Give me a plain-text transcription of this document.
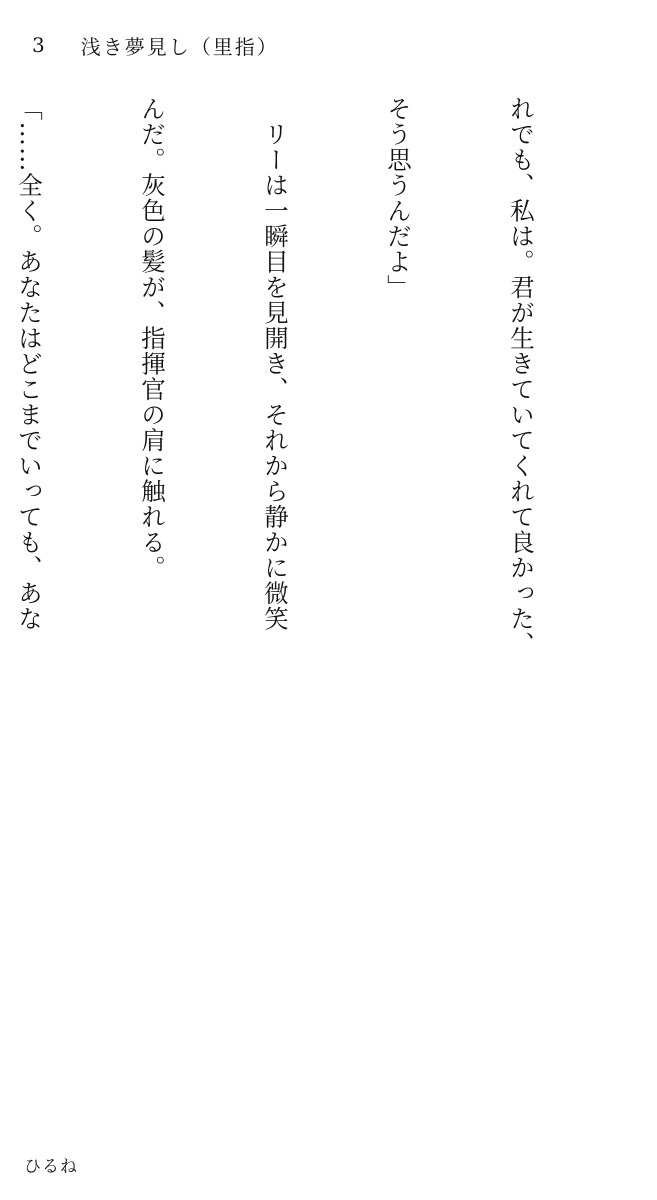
3 浅き夢見し（里指）

れでも、私は。君が生きていてくれて良かった、

そう思うんだよ」

　リーは一瞬目を見開き、それから静かに微笑

んだ。灰色の髪が、指揮官の肩に触れる。

「……全く。あなたはどこまでいっても、あな

ひるね
